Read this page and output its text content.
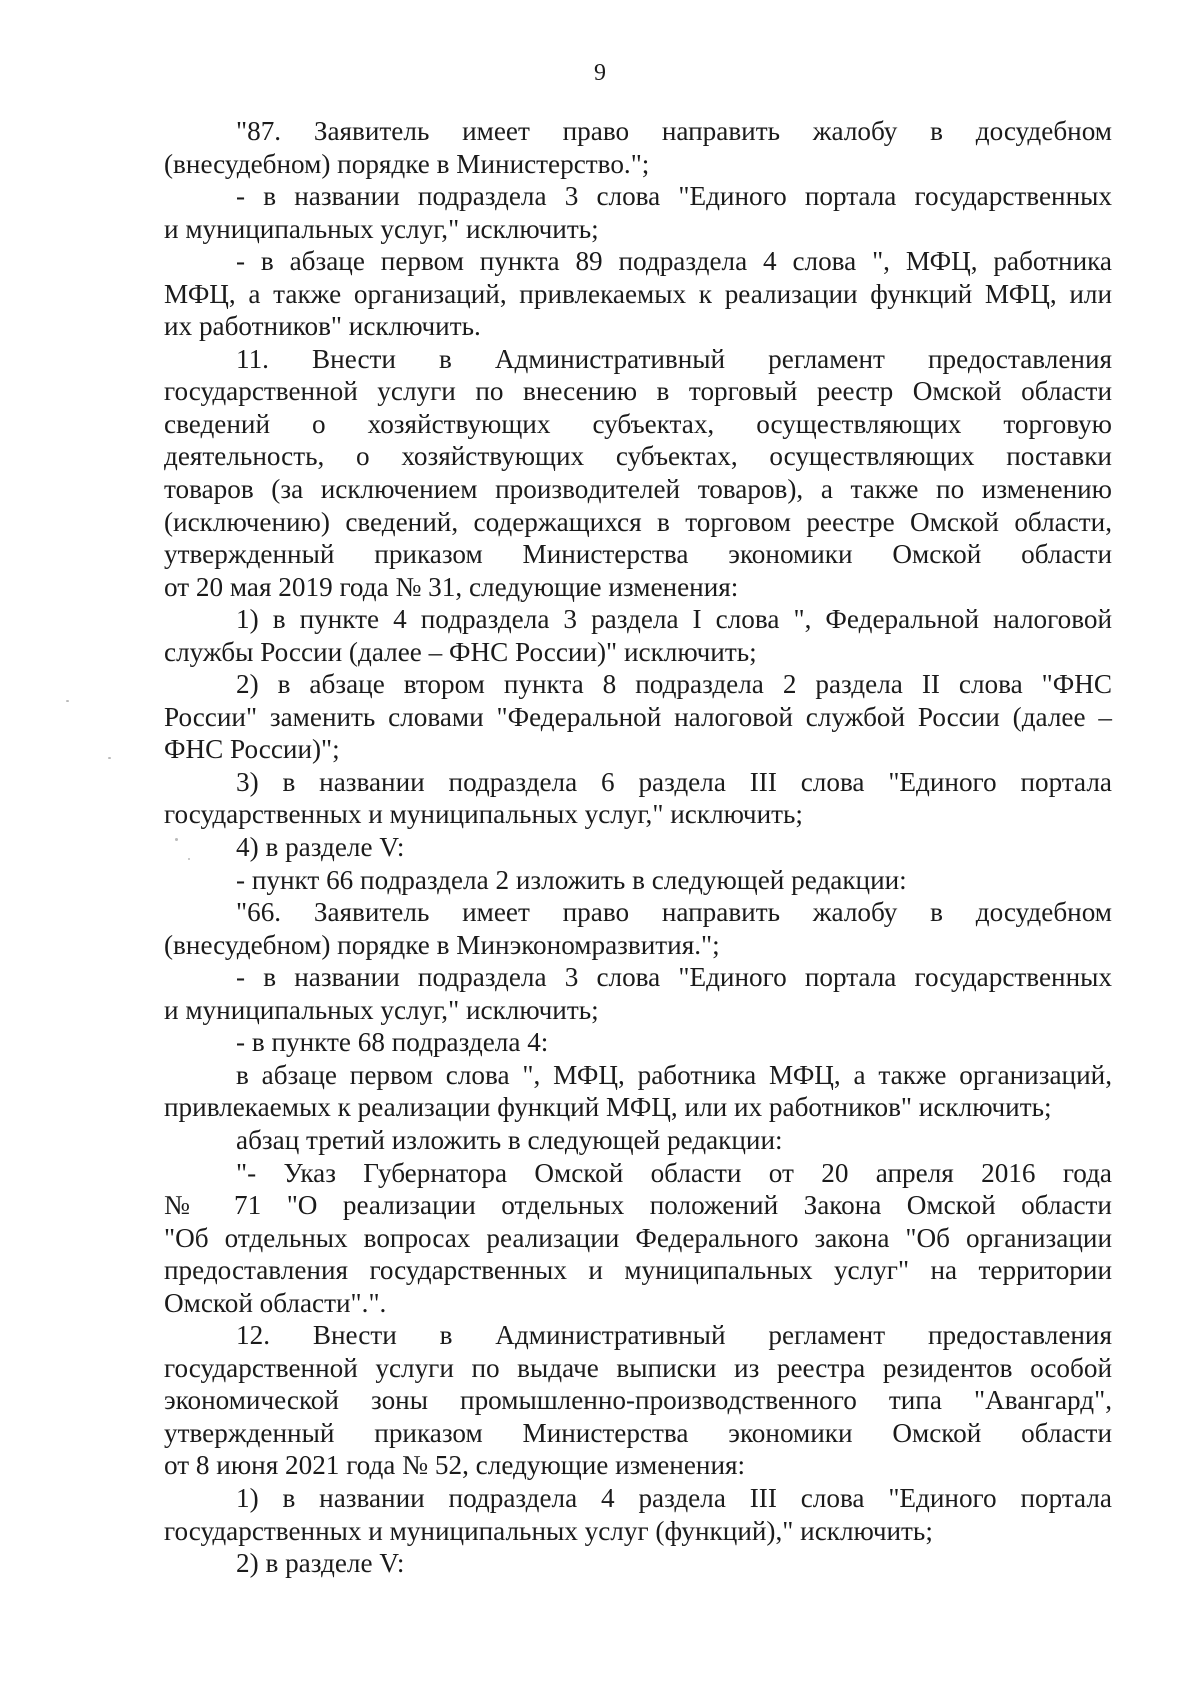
9

"87. Заявитель имеет право направить жалобу в досудебном
(внесудебном) порядке в Министерство.";

- в названии подраздела 3 слова "Единого портала государственных
и муниципальных услуг," исключить;

- в абзаце первом пункта 89 подраздела 4 слова ", МФЦ, работника
МФЦ, а также организаций, привлекаемых к реализации функций МФЦ, или
их работников" исключить.

11. Внести в Административный регламент предоставления
государственной услуги по внесению в торговый реестр Омской области
сведений о хозяйствующих субъектах, осуществляющих торговую
деятельность, о хозяйствующих субъектах, осуществляющих поставки
товаров (за исключением производителей товаров), а также по изменению
(исключению) сведений, содержащихся в торговом реестре Омской области,
утвержденный приказом Министерства экономики Омской области
от 20 мая 2019 года № 31, следующие изменения:

1) в пункте 4 подраздела 3 раздела I слова ", Федеральной налоговой
службы России (далее – ФНС России)" исключить;

2) в абзаце втором пункта 8 подраздела 2 раздела II слова "ФНС
России" заменить словами "Федеральной налоговой службой России (далее –
ФНС России)";

3) в названии подраздела 6 раздела III слова "Единого портала
государственных и муниципальных услуг," исключить;

4) в разделе V:

- пункт 66 подраздела 2 изложить в следующей редакции:

"66. Заявитель имеет право направить жалобу в досудебном
(внесудебном) порядке в Минэкономразвития.";

- в названии подраздела 3 слова "Единого портала государственных
и муниципальных услуг," исключить;

- в пункте 68 подраздела 4:

в абзаце первом слова ", МФЦ, работника МФЦ, а также организаций,
привлекаемых к реализации функций МФЦ, или их работников" исключить;

абзац третий изложить в следующей редакции:

"- Указ Губернатора Омской области от 20 апреля 2016 года
№ 71 "О реализации отдельных положений Закона Омской области
"Об отдельных вопросах реализации Федерального закона "Об организации
предоставления государственных и муниципальных услуг" на территории
Омской области".".

12. Внести в Административный регламент предоставления
государственной услуги по выдаче выписки из реестра резидентов особой
экономической зоны промышленно-производственного типа "Авангард",
утвержденный приказом Министерства экономики Омской области
от 8 июня 2021 года № 52, следующие изменения:

1) в названии подраздела 4 раздела III слова "Единого портала
государственных и муниципальных услуг (функций)," исключить;

2) в разделе V:
